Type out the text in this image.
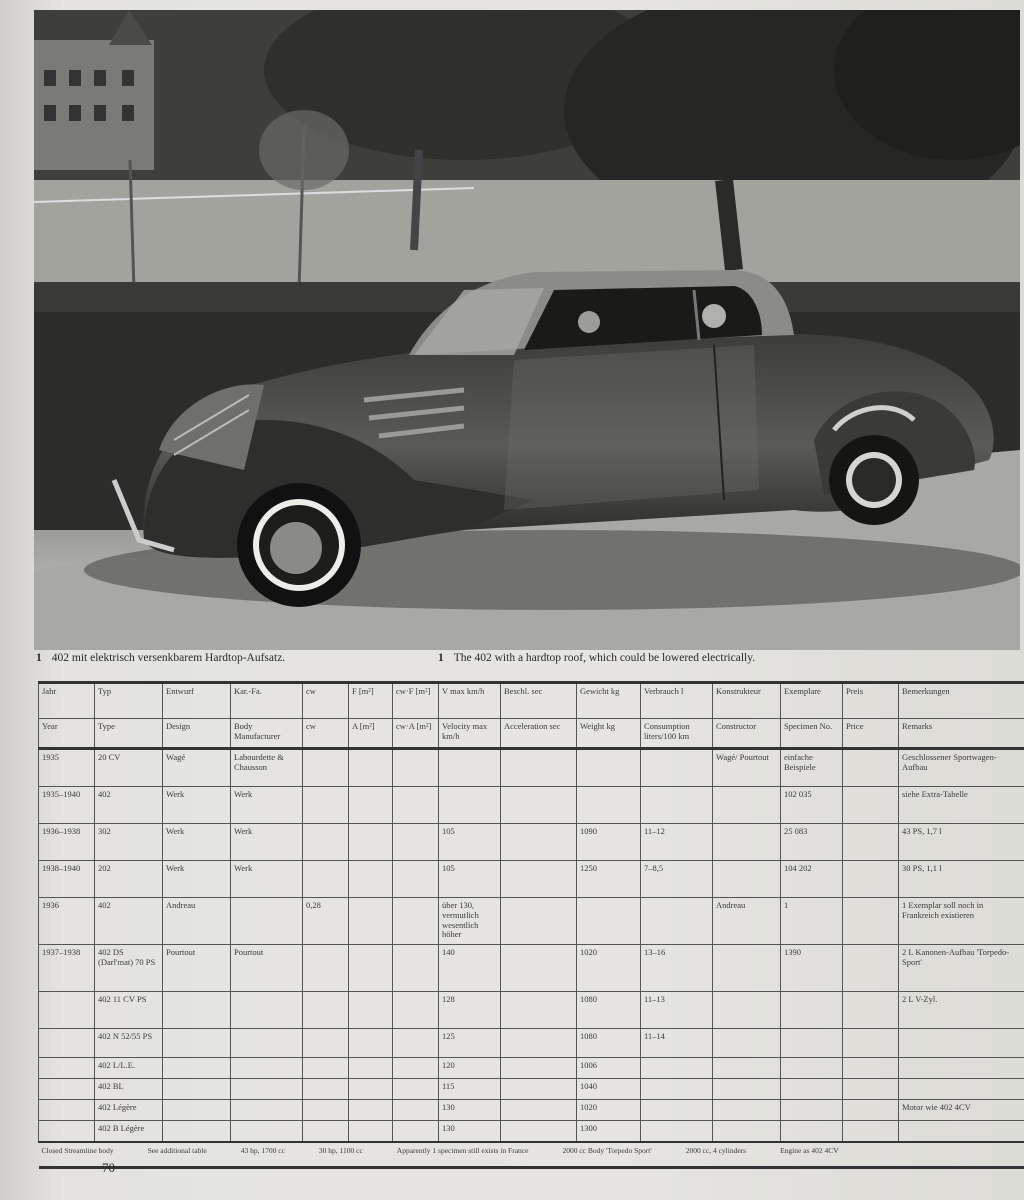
1 402 mit elektrisch versenkbarem Hardtop-Aufsatz.	1 The 402 with a hardtop roof, which could be lowered electrically.
Jahr	Typ	Entwurf	Kar.-Fa.	cw	F [m²]	cw·F [m²]	V max km/h	Beschl. sec	Gewicht kg	Verbrauch l	Konstrukteur	Exemplare	Preis	Bemerkungen
Year	Type	Design	Body Manufacturer	cw	A [m²]	cw·A [m²]	Velocity max km/h	Acceleration sec	Weight kg	Consumption liters/100 km	Constructor	Specimen No.	Price	Remarks
1935	20 CV	Wagé	Labourdette & Chausson								Wagé/ Pourtout	einfache Beispiele		Geschlossener Sportwagen-Aufbau
1935–1940	402	Werk	Werk									102 035		siehe Extra-Tabelle
1936–1938	302	Werk	Werk				105		1090	11–12		25 083		43 PS, 1,7 l
1938–1940	202	Werk	Werk				105		1250	7–8,5		104 202		30 PS, 1,1 l
1936	402	Andreau		0,28			über 130, vermutlich wesentlich höher				Andreau	1		1 Exemplar soll noch in Frankreich existieren
1937–1938	402 DS (Darl'mat) 70 PS	Pourtout	Pourtout				140		1020	13–16		1390		2 L Kanonen-Aufbau 'Torpedo-Sport'
	402 11 CV PS						128		1080	11–13				2 L V-Zyl.
	402 N 52/55 PS						125		1080	11–14				
	402 L/L.E.						120		1006					
	402 BL						115		1040					
	402 Légère						130		1020					Motor wie 402 4CV
	402 B Légère						130		1300					
Closed Streamline body See additional table 43 hp, 1700 cc 30 hp, 1100 cc Apparently 1 specimen still exists in France 2000 cc Body 'Torpedo Sport' 2000 cc, 4 cylinders Engine as 402 4CV														
70
